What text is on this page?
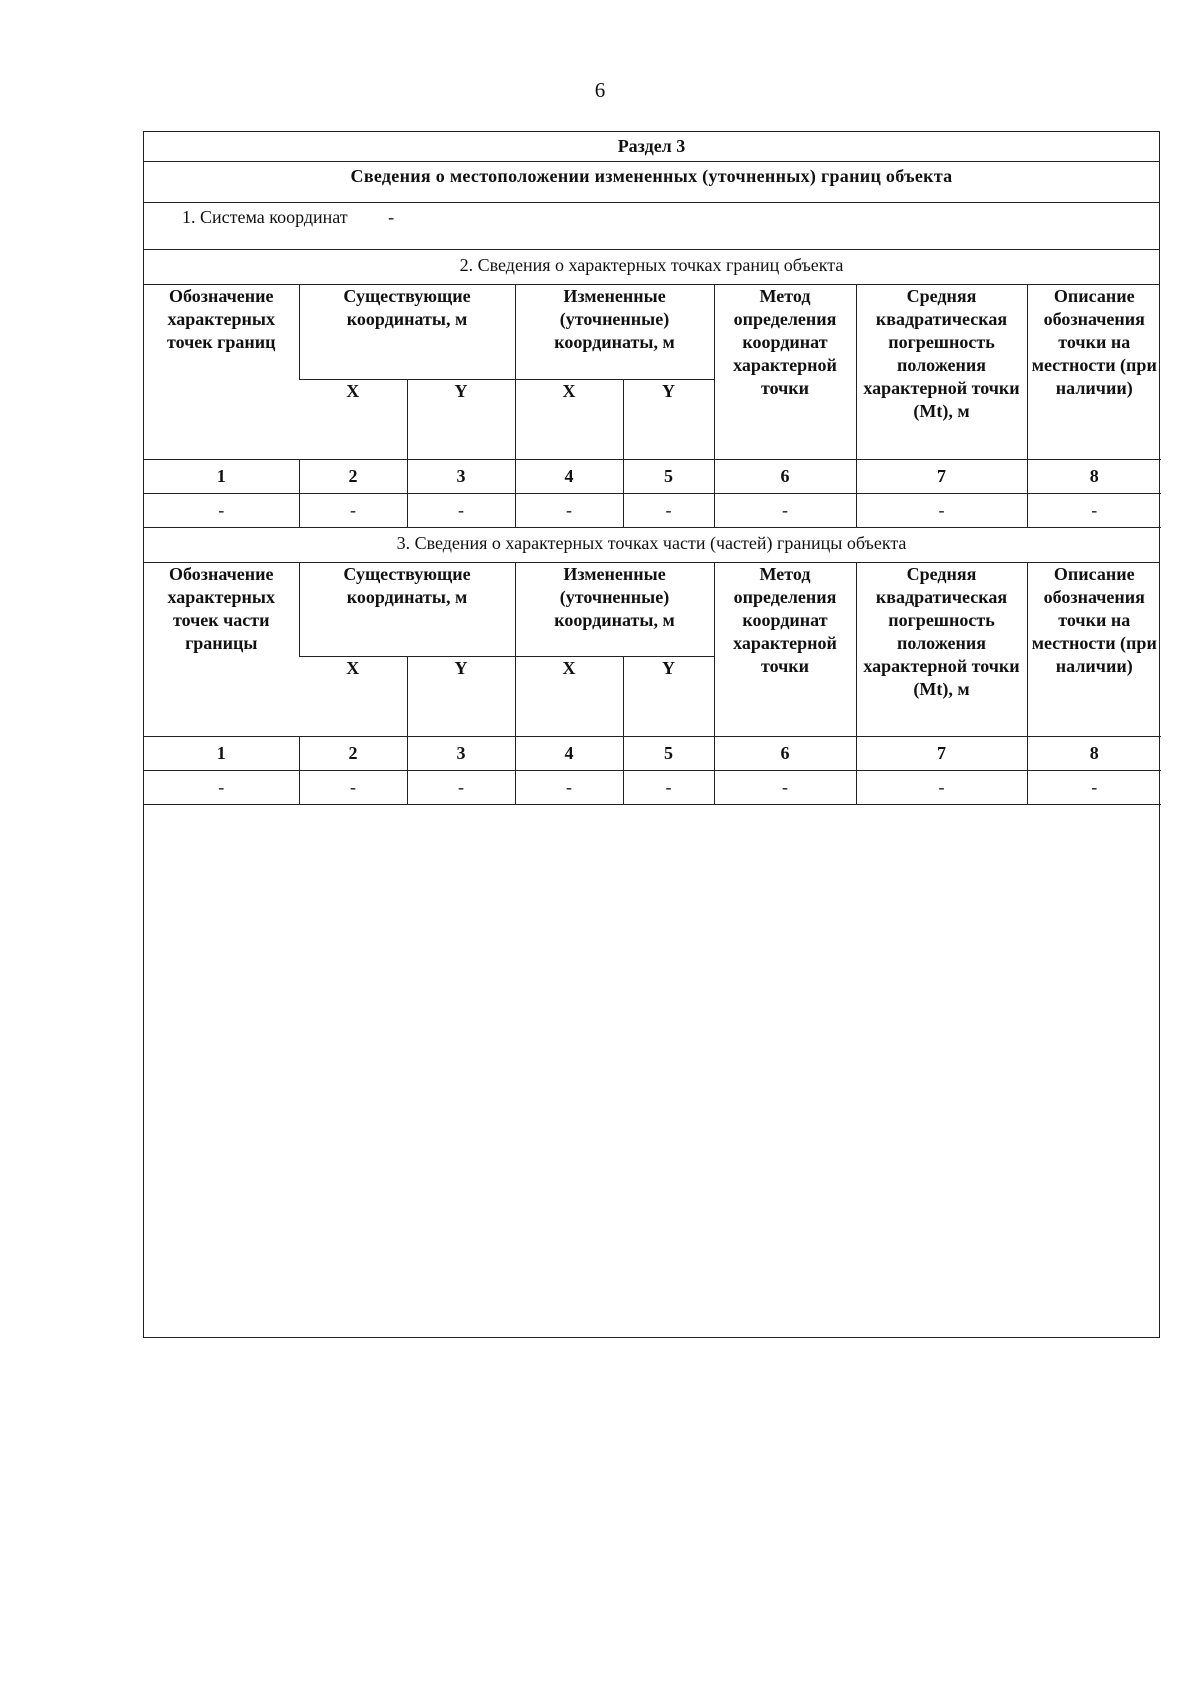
6
Раздел 3
Сведения о местоположении измененных (уточненных) границ объекта
1. Система координат -
2. Сведения о характерных точках границ объекта
Обозначение характерных точек границ	Существующие координаты, м		Измененные (уточненные) координаты, м		Метод определения координат характерной точки	Средняя квадратическая погрешность положения характерной точки (Mt), м	Описание обозначения точки на местности (при наличии)
	X	Y	X	Y			
1	2	3	4	5	6	7	8
-	-	-	-	-	-	-	-
3. Сведения о характерных точках части (частей) границы объекта
Обозначение характерных точек части границы	Существующие координаты, м		Измененные (уточненные) координаты, м		Метод определения координат характерной точки	Средняя квадратическая погрешность положения характерной точки (Mt), м	Описание обозначения точки на местности (при наличии)
	X	Y	X	Y			
1	2	3	4	5	6	7	8
-	-	-	-	-	-	-	-
